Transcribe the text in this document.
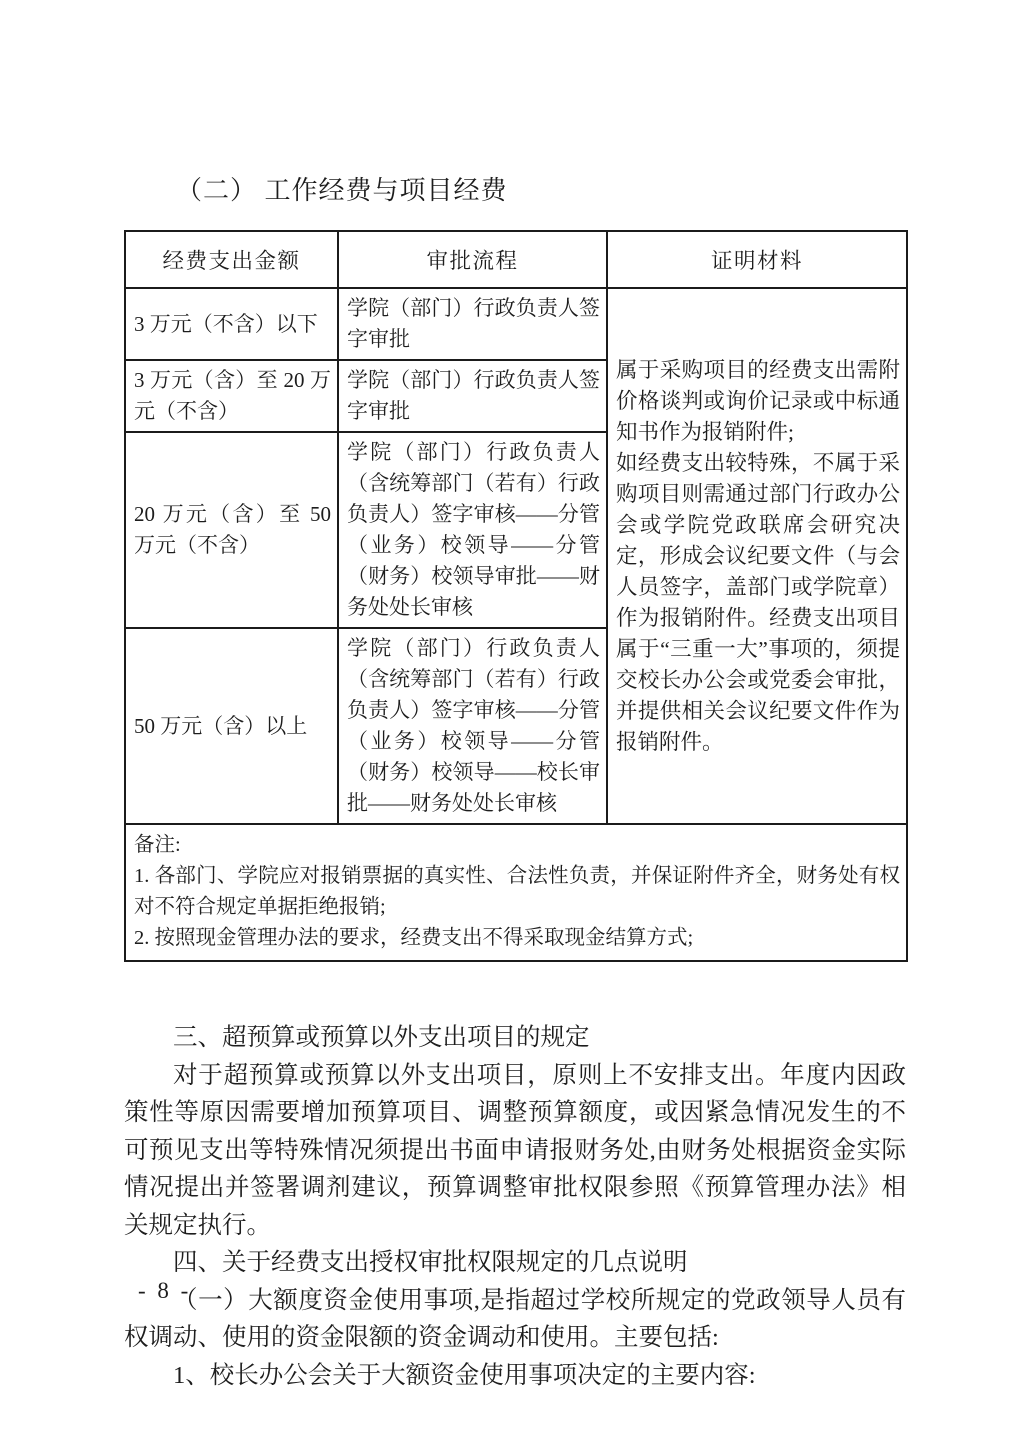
（二） 工作经费与项目经费
经费支出金额	审批流程	证明材料
3 万元（不含）以下	学院（部门）行政负责人签字审批	属于采购项目的经费支出需附价格谈判或询价记录或中标通知书作为报销附件;

如经费支出较特殊，不属于采购项目则需通过部门行政办公会或学院党政联席会研究决定，形成会议纪要文件（与会人员签字，盖部门或学院章）作为报销附件。经费支出项目属于“三重一大”事项的，须提交校长办公会或党委会审批，并提供相关会议纪要文件作为报销附件。

3 万元（含）至 20 万元（不含）	学院（部门）行政负责人签字审批	
20 万元（含）至 50 万元（不含）	学院（部门）行政负责人（含统筹部门（若有）行政负责人）签字审核——分管（业务）校领导——分管（财务）校领导审批——财务处处长审核	
50 万元（含）以上	学院（部门）行政负责人（含统筹部门（若有）行政负责人）签字审核——分管（业务）校领导——分管（财务）校领导——校长审批——财务处处长审核	

备注:

1. 各部门、学院应对报销票据的真实性、合法性负责，并保证附件齐全，财务处有权对不符合规定单据拒绝报销;

2. 按照现金管理办法的要求，经费支出不得采取现金结算方式;		

三、超预算或预算以外支出项目的规定

对于超预算或预算以外支出项目，原则上不安排支出。年度内因政策性等原因需要增加预算项目、调整预算额度，或因紧急情况发生的不可预见支出等特殊情况须提出书面申请报财务处,由财务处根据资金实际情况提出并签署调剂建议，预算调整审批权限参照《预算管理办法》相关规定执行。

四、关于经费支出授权审批权限规定的几点说明

（一）大额度资金使用事项,是指超过学校所规定的党政领导人员有权调动、使用的资金限额的资金调动和使用。主要包括:

1、校长办公会关于大额资金使用事项决定的主要内容:

- 8 -
